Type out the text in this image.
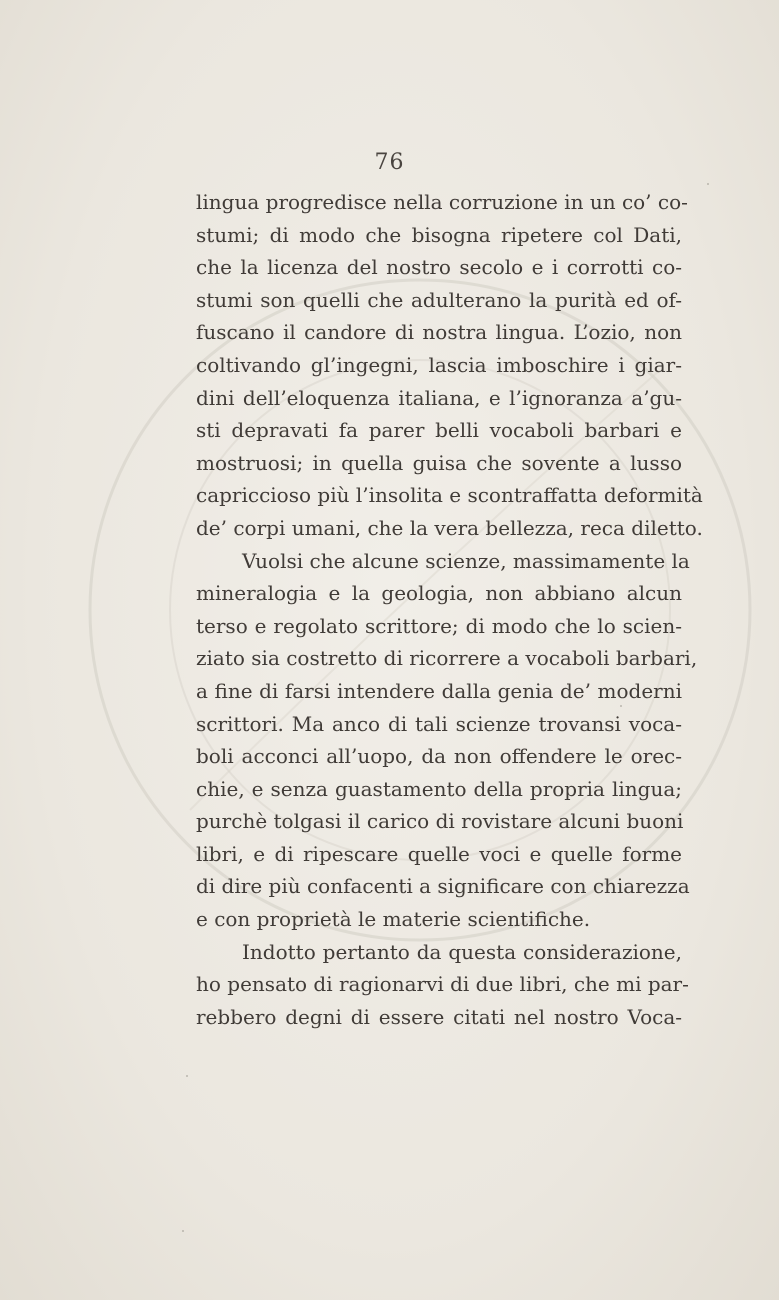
76
lingua progredisce nella corruzione in un co’ co-
stumi; di modo che bisogna ripetere col Dati,
che la licenza del nostro secolo e i corrotti co-
stumi son quelli che adulterano la purità ed of-
fuscano il candore di nostra lingua. L’ozio, non
coltivando gl’ingegni, lascia imboschire i giar-
dini dell’eloquenza italiana, e l’ignoranza a’gu-
sti depravati fa parer belli vocaboli barbari e
mostruosi; in quella guisa che sovente a lusso
capriccioso più l’insolita e scontraffatta deformità
de’ corpi umani, che la vera bellezza, reca diletto.
Vuolsi che alcune scienze, massimamente la
mineralogia e la geologia, non abbiano alcun
terso e regolato scrittore; di modo che lo scien-
ziato sia costretto di ricorrere a vocaboli barbari,
a fine di farsi intendere dalla genia de’ moderni
scrittori. Ma anco di tali scienze trovansi voca-
boli acconci all’uopo, da non offendere le orec-
chie, e senza guastamento della propria lingua;
purchè tolgasi il carico di rovistare alcuni buoni
libri, e di ripescare quelle voci e quelle forme
di dire più confacenti a significare con chiarezza
e con proprietà le materie scientifiche.
Indotto pertanto da questa considerazione,
ho pensato di ragionarvi di due libri, che mi par-
rebbero degni di essere citati nel nostro Voca-
